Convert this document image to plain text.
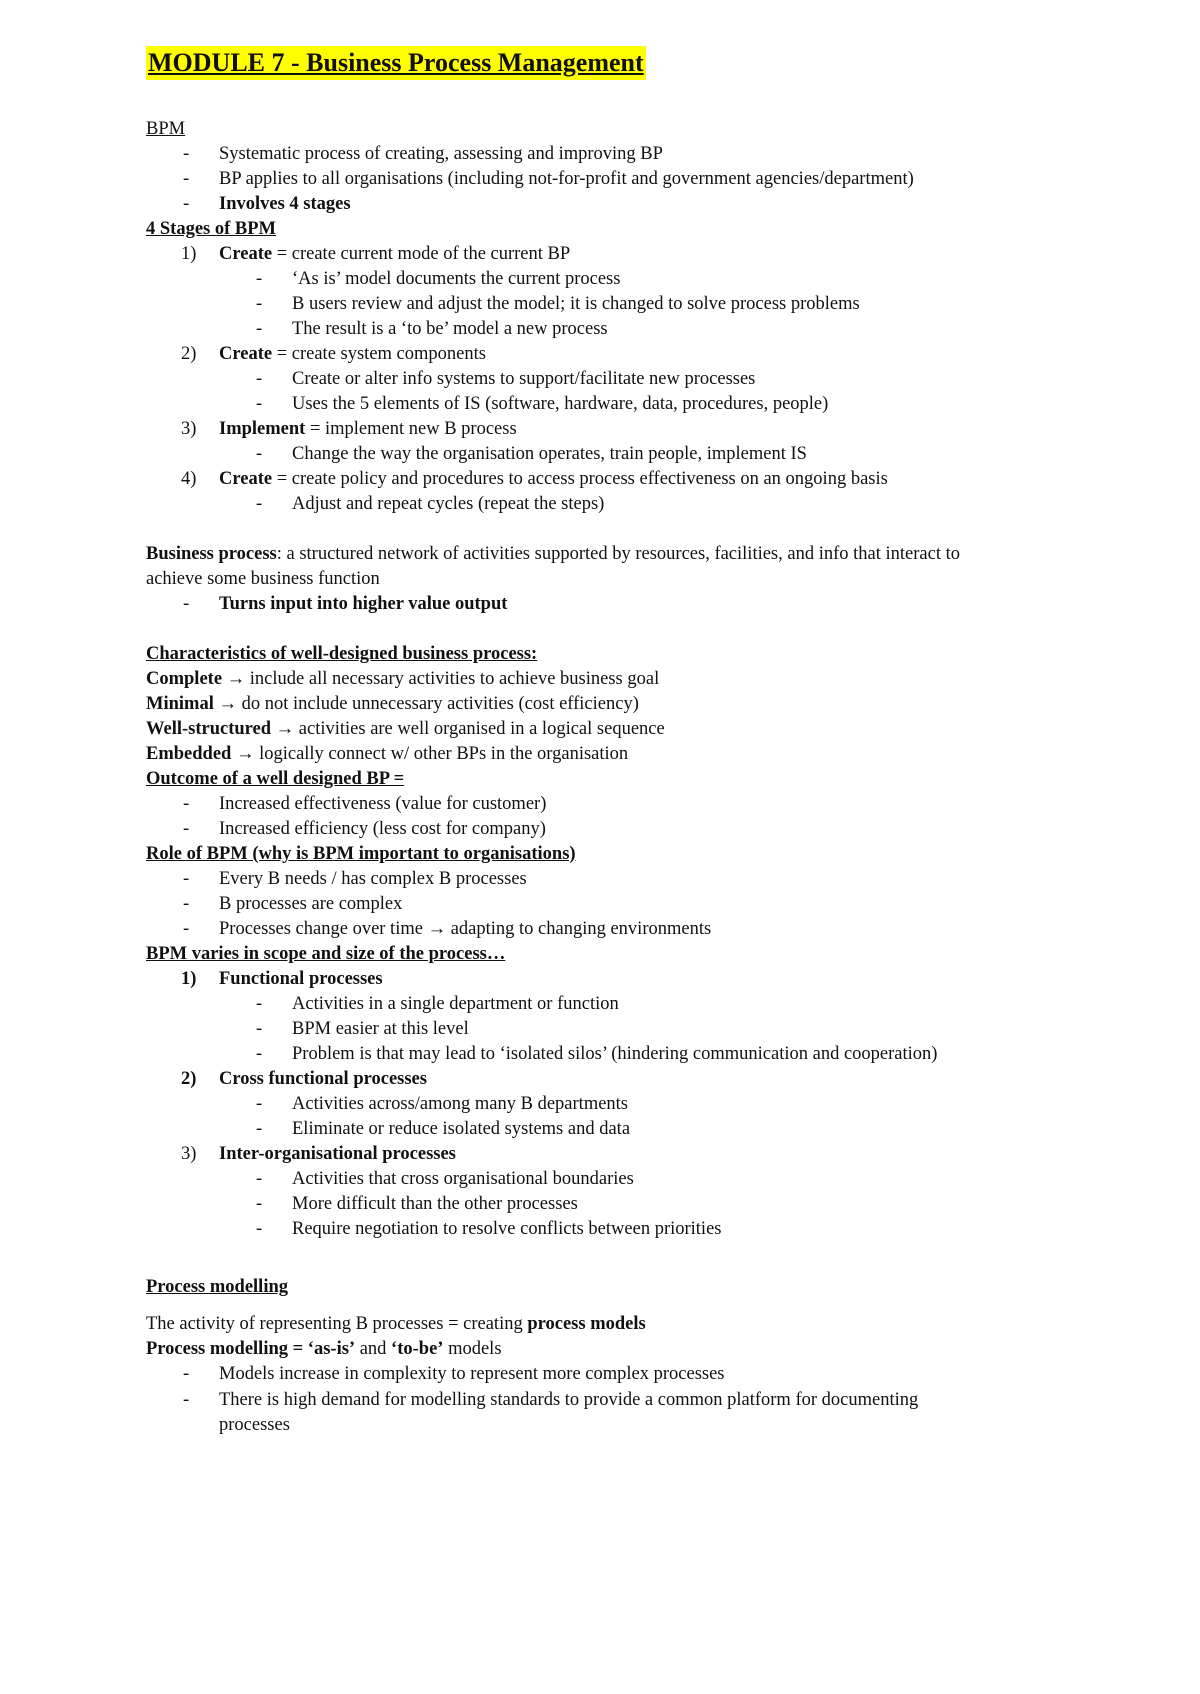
MODULE 7 - Business Process Management
BPM
- Systematic process of creating, assessing and improving BP
- BP applies to all organisations (including not-for-profit and government agencies/department)
- Involves 4 stages
4 Stages of BPM
1) Create = create current mode of the current BP
- ‘As is’ model documents the current process
- B users review and adjust the model; it is changed to solve process problems
- The result is a ‘to be’ model a new process
2) Create = create system components
- Create or alter info systems to support/facilitate new processes
- Uses the 5 elements of IS (software, hardware, data, procedures, people)
3) Implement = implement new B process
- Change the way the organisation operates, train people, implement IS
4) Create = create policy and procedures to access process effectiveness on an ongoing basis
- Adjust and repeat cycles (repeat the steps)
Business process: a structured network of activities supported by resources, facilities, and info that interact to
achieve some business function
- Turns input into higher value output
Characteristics of well-designed business process:
Complete → include all necessary activities to achieve business goal
Minimal → do not include unnecessary activities (cost efficiency)
Well-structured → activities are well organised in a logical sequence
Embedded → logically connect w/ other BPs in the organisation
Outcome of a well designed BP =
- Increased effectiveness (value for customer)
- Increased efficiency (less cost for company)
Role of BPM (why is BPM important to organisations)
- Every B needs / has complex B processes
- B processes are complex
- Processes change over time → adapting to changing environments
BPM varies in scope and size of the process…
1) Functional processes
- Activities in a single department or function
- BPM easier at this level
- Problem is that may lead to ‘isolated silos’ (hindering communication and cooperation)
2) Cross functional processes
- Activities across/among many B departments
- Eliminate or reduce isolated systems and data
3) Inter-organisational processes
- Activities that cross organisational boundaries
- More difficult than the other processes
- Require negotiation to resolve conflicts between priorities
Process modelling
The activity of representing B processes = creating process models
Process modelling = ‘as-is’ and ‘to-be’ models
- Models increase in complexity to represent more complex processes
- There is high demand for modelling standards to provide a common platform for documenting
processes
